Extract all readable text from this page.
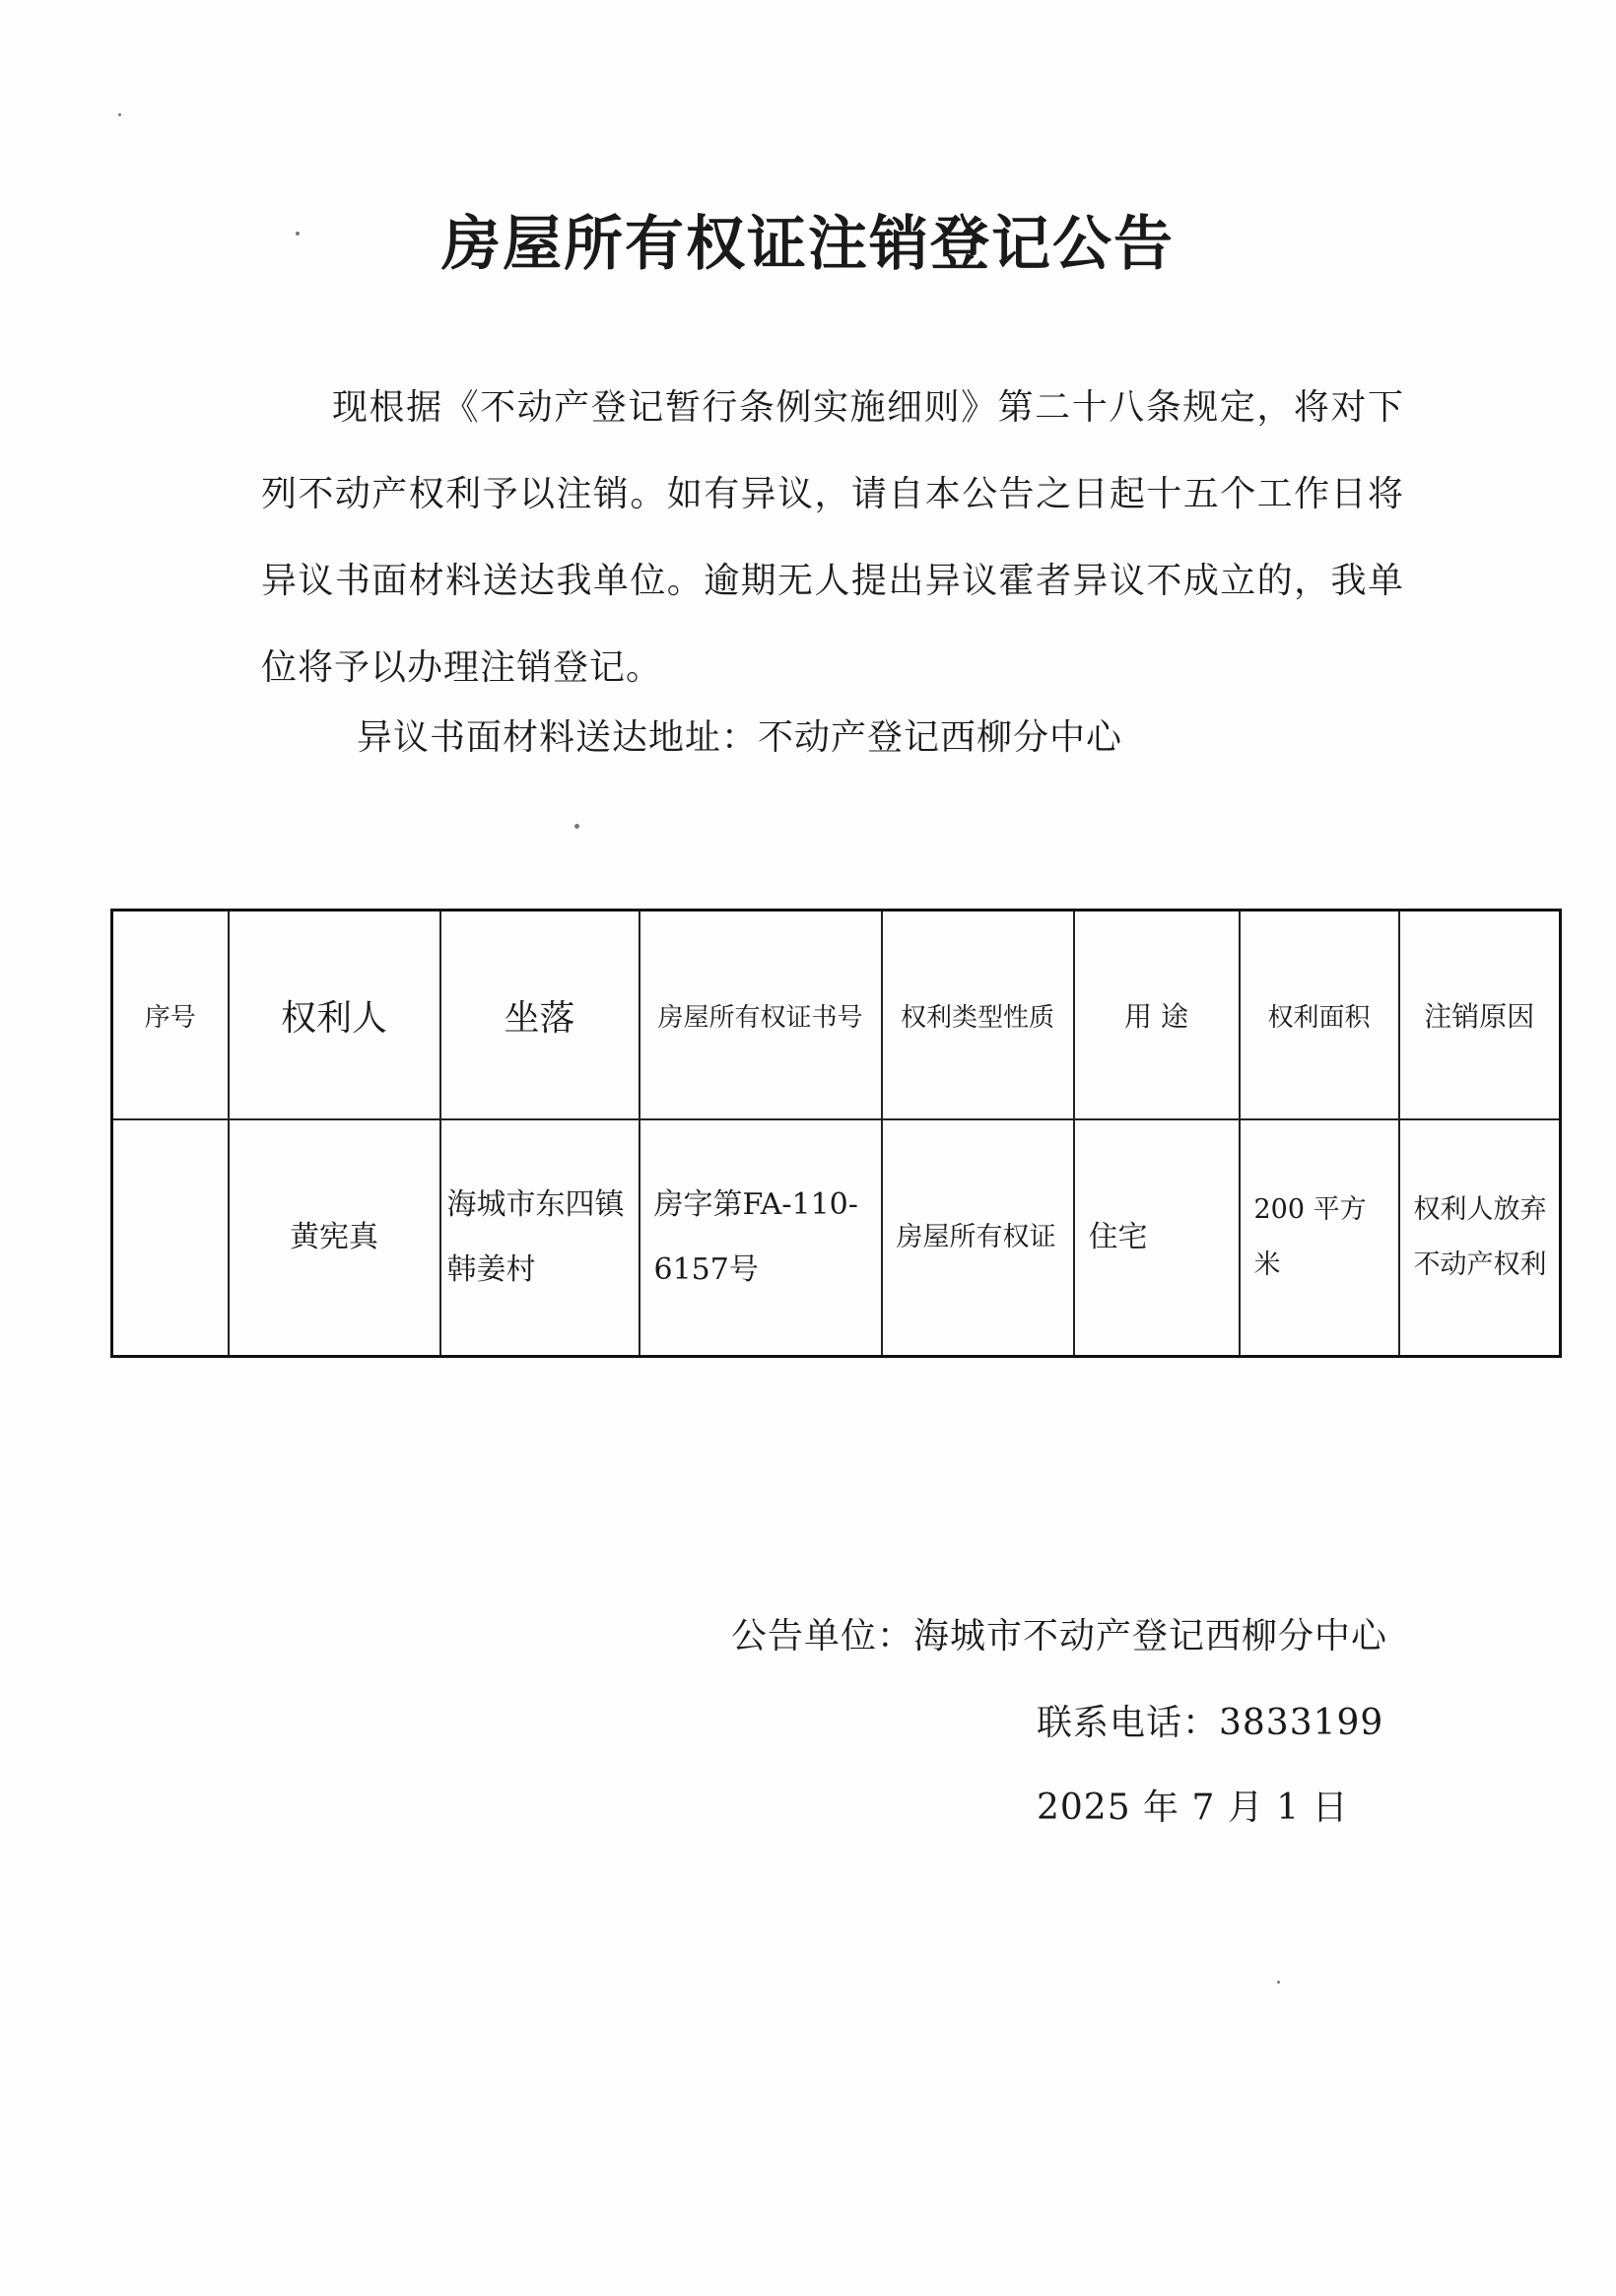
房屋所有权证注销登记公告

现根据《不动产登记暂行条例实施细则》第二十八条规定，将对下列不动产权利予以注销。如有异议，请自本公告之日起十五个工作日将异议书面材料送达我单位。逾期无人提出异议霍者异议不成立的，我单位将予以办理注销登记。

异议书面材料送达地址：不动产登记西柳分中心
序号	权利人	坐落	房屋所有权证书号	权利类型性质	用 途	权利面积	注销原因
	黄宪真	海城市东四镇韩姜村	房字第FA-110-6157号	房屋所有权证	住宅	200 平方米	权利人放弃不动产权利
公告单位：海城市不动产登记西柳分中心
联系电话：3833199
2025 年 7 月 1 日
